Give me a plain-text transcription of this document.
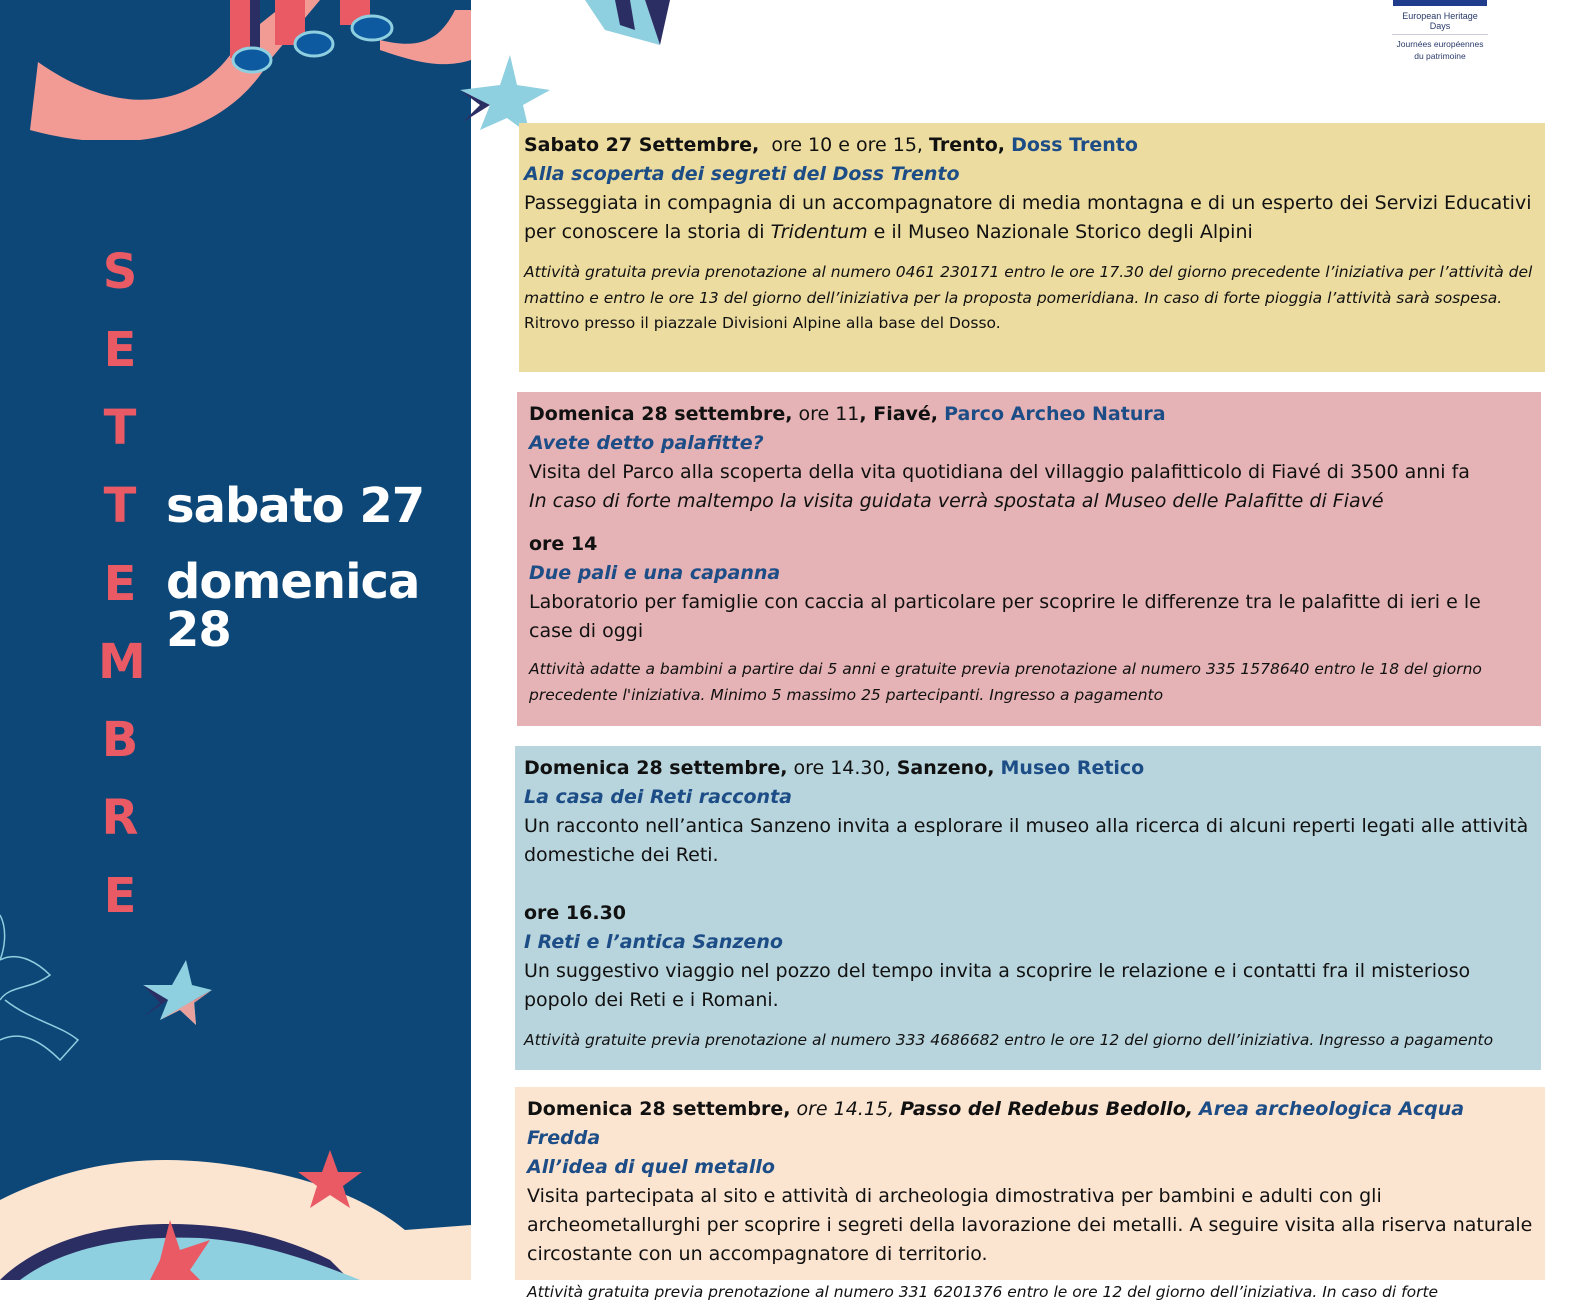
S
E
T
T
E
M
B
R
E
sabato 27
domenica 28
European Heritage Days
Journées européennes
du patrimoine
Sabato 27 Settembre,  ore 10 e ore 15, Trento, Doss Trento
Alla scoperta dei segreti del Doss Trento
Passeggiata in compagnia di un accompagnatore di media montagna e di un esperto dei Servizi Educativi per conoscere la storia di Tridentum e il Museo Nazionale Storico degli Alpini
Attività gratuita previa prenotazione al numero 0461 230171 entro le ore 17.30 del giorno precedente l’iniziativa per l’attività del mattino e entro le ore 13 del giorno dell’iniziativa per la proposta pomeridiana. In caso di forte pioggia l’attività sarà sospesa.
Ritrovo presso il piazzale Divisioni Alpine alla base del Dosso.
Domenica 28 settembre, ore 11, Fiavé, Parco Archeo Natura
Avete detto palafitte?
Visita del Parco alla scoperta della vita quotidiana del villaggio palafitticolo di Fiavé di 3500 anni fa
In caso di forte maltempo la visita guidata verrà spostata al Museo delle Palafitte di Fiavé
ore 14
Due pali e una capanna
Laboratorio per famiglie con caccia al particolare per scoprire le differenze tra le palafitte di ieri e le case di oggi
Attività adatte a bambini a partire dai 5 anni e gratuite previa prenotazione al numero 335 1578640 entro le 18 del giorno precedente l'iniziativa. Minimo 5 massimo 25 partecipanti. Ingresso a pagamento
Domenica 28 settembre, ore 14.30, Sanzeno, Museo Retico
La casa dei Reti racconta
Un racconto nell’antica Sanzeno invita a esplorare il museo alla ricerca di alcuni reperti legati alle attività domestiche dei Reti.
ore 16.30
I Reti e l’antica Sanzeno
Un suggestivo viaggio nel pozzo del tempo invita a scoprire le relazione e i contatti fra il misterioso popolo dei Reti e i Romani.
Attività gratuite previa prenotazione al numero 333 4686682 entro le ore 12 del giorno dell’iniziativa. Ingresso a pagamento
Domenica 28 settembre, ore 14.15, Passo del Redebus Bedollo, Area archeologica Acqua Fredda
All’idea di quel metallo
Visita partecipata al sito e attività di archeologia dimostrativa per bambini e adulti con gli archeometallurghi per scoprire i segreti della lavorazione dei metalli. A seguire visita alla riserva naturale circostante con un accompagnatore di territorio.
Attività gratuita previa prenotazione al numero 331 6201376 entro le ore 12 del giorno dell’iniziativa. In caso di forte
